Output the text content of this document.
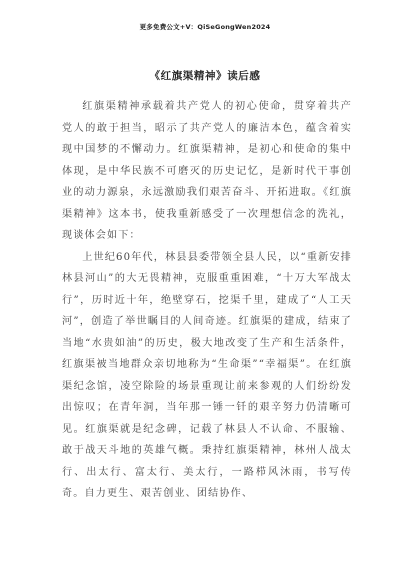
更多免费公文+V：QiSeGongWen2024
《红旗渠精神》读后感

红旗渠精神承载着共产党人的初心使命，贯穿着共产党人的敢于担当，昭示了共产党人的廉洁本色，蕴含着实现中国梦的不懈动力。红旗渠精神，是初心和使命的集中体现，是中华民族不可磨灭的历史记忆，是新时代干事创业的动力源泉，永远激励我们艰苦奋斗、开拓进取。《红旗渠精神》这本书，使我重新感受了一次理想信念的洗礼，现谈体会如下：

上世纪60年代，林县县委带领全县人民，以“重新安排林县河山”的大无畏精神，克服重重困难，“十万大军战太行”，历时近十年，绝壁穿石，挖渠千里，建成了“人工天河”，创造了举世瞩目的人间奇迹。红旗渠的建成，结束了当地“水贵如油”的历史，极大地改变了生产和生活条件，红旗渠被当地群众亲切地称为“生命渠”“幸福渠”。在红旗渠纪念馆，凌空除险的场景重现让前来参观的人们纷纷发出惊叹；在青年洞，当年那一锤一钎的艰辛努力仍清晰可见。红旗渠就是纪念碑，记载了林县人不认命、不服输、敢于战天斗地的英雄气概。秉持红旗渠精神，林州人战太行、出太行、富太行、美太行，一路栉风沐雨，书写传奇。自力更生、艰苦创业、团结协作、
